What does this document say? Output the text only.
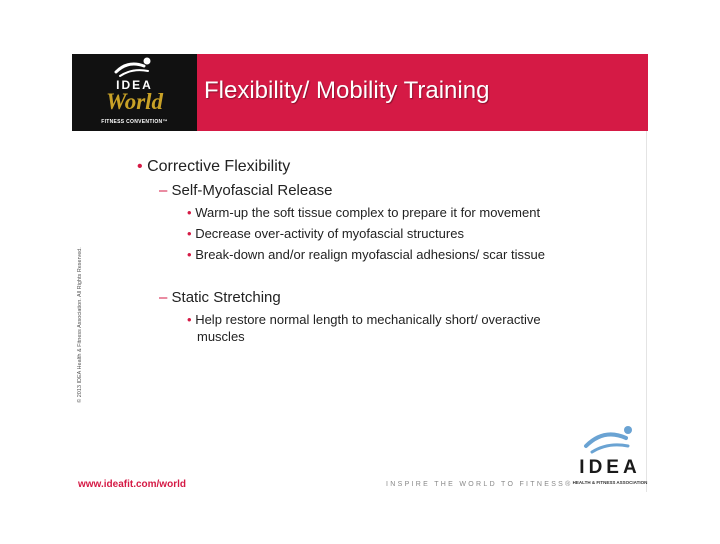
IDEA
World
FITNESS CONVENTION™
Flexibility/ Mobility Training
© 2013 IDEA Health & Fitness Association. All Rights Reserved.
• Corrective Flexibility
– Self-Myofascial Release
• Warm-up the soft tissue complex to prepare it for movement
• Decrease over-activity of myofascial structures
• Break-down and/or realign myofascial adhesions/ scar tissue
– Static Stretching
• Help restore normal length to mechanically short/ overactive
muscles
www.ideafit.com/world	INSPIRE THE WORLD TO FITNESS®
IDEA
HEALTH & FITNESS ASSOCIATION
